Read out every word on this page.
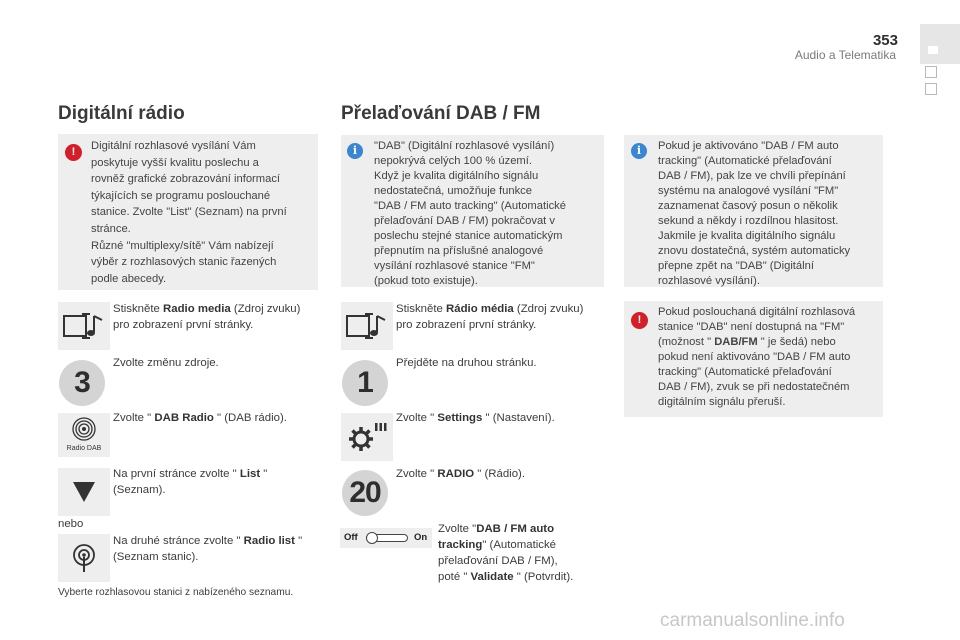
353
Audio a Telematika
Digitální rádio
!	Digitální rozhlasové vysílání Vám
poskytuje vyšší kvalitu poslechu a
rovněž grafické zobrazování informací
týkajících se programu poslouchané
stanice. Zvolte "List" (Seznam) na první
stránce.
Různé "multiplexy/sítě" Vám nabízejí
výběr z rozhlasových stanic řazených
podle abecedy.
Stiskněte Radio media (Zdroj zvuku)
pro zobrazení první stránky.
3
Zvolte změnu zdroje.
Radio DAB
Zvolte " DAB Radio " (DAB rádio).
Na první stránce zvolte " List "
(Seznam).
nebo
Na druhé stránce zvolte " Radio list "
(Seznam stanic).
Vyberte rozhlasovou stanici z nabízeného seznamu.
Přelaďování DAB / FM
i	"DAB" (Digitální rozhlasové vysílání)
nepokrývá celých 100 % území.
Když je kvalita digitálního signálu
nedostatečná, umožňuje funkce
"DAB / FM auto tracking" (Automatické
přelaďování DAB / FM) pokračovat v
poslechu stejné stanice automatickým
přepnutím na příslušné analogové
vysílání rozhlasové stanice "FM"
(pokud toto existuje).
Stiskněte Rádio média (Zdroj zvuku)
pro zobrazení první stránky.
1
Přejděte na druhou stránku.
Zvolte " Settings " (Nastavení).
20
Zvolte " RADIO " (Rádio).
Off	On
Zvolte "DAB / FM auto
tracking" (Automatické
přelaďování DAB / FM),
poté " Validate " (Potvrdit).
i	Pokud je aktivováno "DAB / FM auto
tracking" (Automatické přelaďování
DAB / FM), pak lze ve chvíli přepínání
systému na analogové vysílání "FM"
zaznamenat časový posun o několik
sekund a někdy i rozdílnou hlasitost.
Jakmile je kvalita digitálního signálu
znovu dostatečná, systém automaticky
přepne zpět na "DAB" (Digitální
rozhlasové vysílání).
!
Pokud poslouchaná digitální rozhlasová
stanice "DAB" není dostupná na "FM"
(možnost " DAB/FM " je šedá) nebo
pokud není aktivováno "DAB / FM auto
tracking" (Automatické přelaďování
DAB / FM), zvuk se při nedostatečném
digitálním signálu přeruší.
carmanualsonline.info
